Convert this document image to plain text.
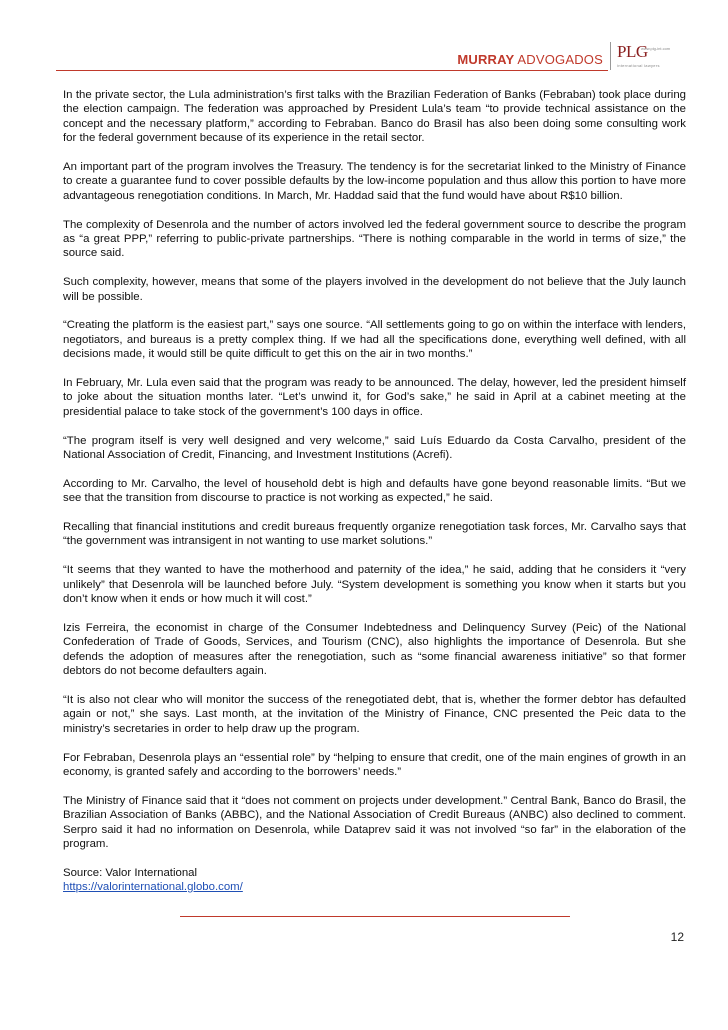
MURRAY ADVOGADOS PLG
www.plg-int.com
international lawyers

In the private sector, the Lula administration’s first talks with the Brazilian Federation of Banks (Febraban) took place during the election campaign. The federation was approached by President Lula’s team “to provide technical assistance on the concept and the necessary platform,” according to Febraban. Banco do Brasil has also been doing some consulting work for the federal government because of its experience in the retail sector.

An important part of the program involves the Treasury. The tendency is for the secretariat linked to the Ministry of Finance to create a guarantee fund to cover possible defaults by the low-income population and thus allow this portion to have more advantageous renegotiation conditions. In March, Mr. Haddad said that the fund would have about R$10 billion.

The complexity of Desenrola and the number of actors involved led the federal government source to describe the program as “a great PPP,” referring to public-private partnerships. “There is nothing comparable in the world in terms of size,” the source said.

Such complexity, however, means that some of the players involved in the development do not believe that the July launch will be possible.

“Creating the platform is the easiest part,” says one source. “All settlements going to go on within the interface with lenders, negotiators, and bureaus is a pretty complex thing. If we had all the specifications done, everything well defined, with all decisions made, it would still be quite difficult to get this on the air in two months.”

In February, Mr. Lula even said that the program was ready to be announced. The delay, however, led the president himself to joke about the situation months later. “Let’s unwind it, for God’s sake,” he said in April at a cabinet meeting at the presidential palace to take stock of the government’s 100 days in office.

“The program itself is very well designed and very welcome,” said Luís Eduardo da Costa Carvalho, president of the National Association of Credit, Financing, and Investment Institutions (Acrefi).

According to Mr. Carvalho, the level of household debt is high and defaults have gone beyond reasonable limits. “But we see that the transition from discourse to practice is not working as expected,” he said.

Recalling that financial institutions and credit bureaus frequently organize renegotiation task forces, Mr. Carvalho says that “the government was intransigent in not wanting to use market solutions.”

“It seems that they wanted to have the motherhood and paternity of the idea,” he said, adding that he considers it “very unlikely” that Desenrola will be launched before July. “System development is something you know when it starts but you don’t know when it ends or how much it will cost.”

Izis Ferreira, the economist in charge of the Consumer Indebtedness and Delinquency Survey (Peic) of the National Confederation of Trade of Goods, Services, and Tourism (CNC), also highlights the importance of Desenrola. But she defends the adoption of measures after the renegotiation, such as “some financial awareness initiative” so that former debtors do not become defaulters again.

“It is also not clear who will monitor the success of the renegotiated debt, that is, whether the former debtor has defaulted again or not,” she says. Last month, at the invitation of the Ministry of Finance, CNC presented the Peic data to the ministry’s secretaries in order to help draw up the program.

For Febraban, Desenrola plays an “essential role” by “helping to ensure that credit, one of the main engines of growth in an economy, is granted safely and according to the borrowers’ needs.”

The Ministry of Finance said that it “does not comment on projects under development.” Central Bank, Banco do Brasil, the Brazilian Association of Banks (ABBC), and the National Association of Credit Bureaus (ANBC) also declined to comment. Serpro said it had no information on Desenrola, while Dataprev said it was not involved “so far” in the elaboration of the program.

Source: Valor International
https://valorinternational.globo.com/
12
